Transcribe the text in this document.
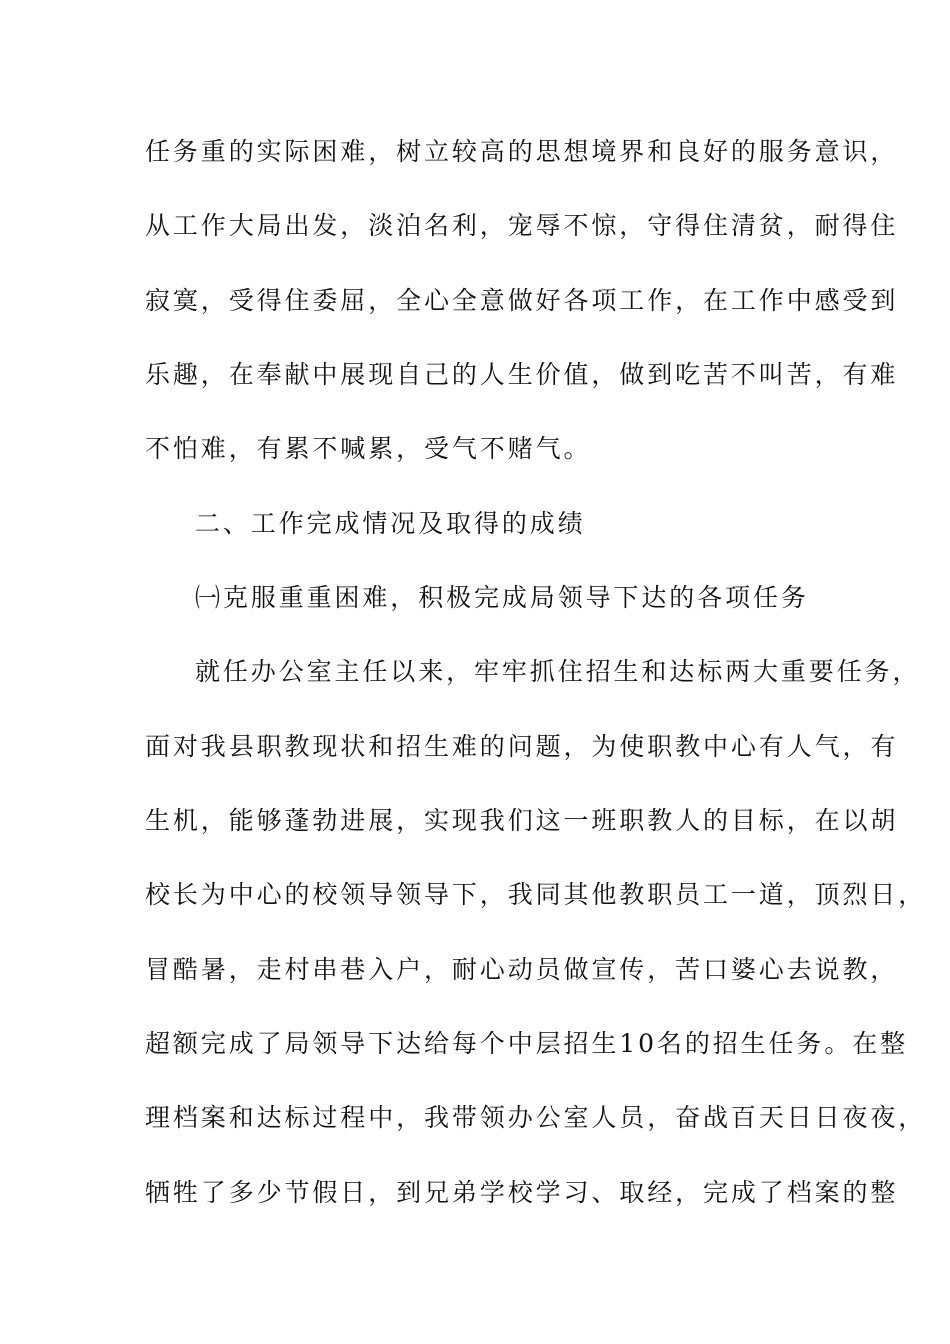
任务重的实际困难，树立较高的思想境界和良好的服务意识，
从工作大局出发，淡泊名利，宠辱不惊，守得住清贫，耐得住
寂寞，受得住委屈，全心全意做好各项工作，在工作中感受到
乐趣，在奉献中展现自己的人生价值，做到吃苦不叫苦，有难
不怕难，有累不喊累，受气不赌气。
二、工作完成情况及取得的成绩
㈠克服重重困难，积极完成局领导下达的各项任务
就任办公室主任以来，牢牢抓住招生和达标两大重要任务，
面对我县职教现状和招生难的问题，为使职教中心有人气，有
生机，能够蓬勃进展，实现我们这一班职教人的目标，在以胡
校长为中心的校领导领导下，我同其他教职员工一道，顶烈日，
冒酷暑，走村串巷入户，耐心动员做宣传，苦口婆心去说教，
超额完成了局领导下达给每个中层招生10名的招生任务。在整
理档案和达标过程中，我带领办公室人员，奋战百天日日夜夜，
牺牲了多少节假日，到兄弟学校学习、取经，完成了档案的整
